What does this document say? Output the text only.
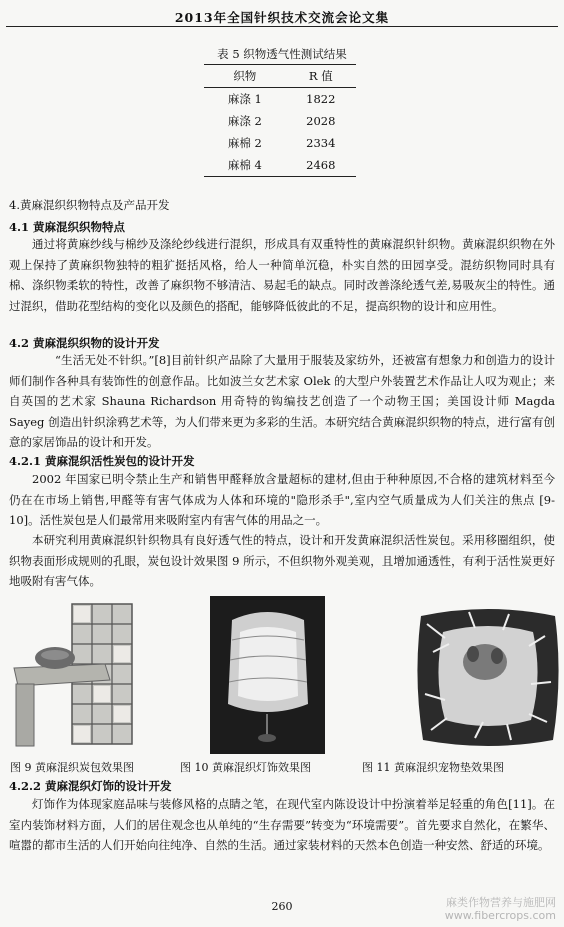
2013年全国针织技术交流会论文集
表 5 织物透气性测试结果
织物	R 值
麻涤 1	1822
麻涤 2	2028
麻棉 2	2334
麻棉 4	2468
4.黄麻混织织物特点及产品开发
4.1 黄麻混织织物特点
通过将黄麻纱线与棉纱及涤纶纱线进行混织，形成具有双重特性的黄麻混织针织物。黄麻混织织物在外观上保持了黄麻织物独特的粗犷挺括风格，给人一种简单沉稳，朴实自然的田园享受。混纺织物同时具有棉、涤织物柔软的特性，改善了麻织物不够清洁、易起毛的缺点。同时改善涤纶透气差,易吸灰尘的特性。通过混织，借助花型结构的变化以及颜色的搭配，能够降低彼此的不足，提高织物的设计和应用性。
4.2 黄麻混织织物的设计开发
“生活无处不针织。”[8]目前针织产品除了大量用于服装及家纺外，还被富有想象力和创造力的设计师们制作各种具有装饰性的创意作品。比如波兰女艺术家 Olek 的大型户外装置艺术作品让人叹为观止；来自英国的艺术家 Shauna Richardson 用奇特的钩编技艺创造了一个动物王国；美国设计师 Magda Sayeg 创造出针织涂鸦艺术等，为人们带来更为多彩的生活。本研究结合黄麻混织织物的特点，进行富有创意的家居饰品的设计和开发。
4.2.1 黄麻混织活性炭包的设计开发
2002 年国家已明令禁止生产和销售甲醛释放含量超标的建材,但由于种种原因,不合格的建筑材料至今仍在在市场上销售,甲醛等有害气体成为人体和环境的"隐形杀手",室内空气质量成为人们关注的焦点 [9-10]。活性炭包是人们最常用来吸附室内有害气体的用品之一。
本研究利用黄麻混织针织物具有良好透气性的特点，设计和开发黄麻混织活性炭包。采用移圈组织，使织物表面形成规则的孔眼，炭包设计效果图 9 所示，不但织物外观美观，且增加通透性，有利于活性炭更好地吸附有害气体。
图 9 黄麻混织炭包效果图	图 10 黄麻混织灯饰效果图	图 11 黄麻混织宠物垫效果图
4.2.2 黄麻混织灯饰的设计开发
灯饰作为体现家庭品味与装修风格的点睛之笔，在现代室内陈设设计中扮演着举足轻重的角色[11]。在室内装饰材料方面，人们的居住观念也从单纯的“生存需要”转变为“环境需要”。首先要求自然化，在繁华、喧嚣的都市生活的人们开始向往纯净、自然的生活。通过家装材料的天然本色创造一种安然、舒适的环境。
260	麻类作物营养与施肥网
www.fibercrops.com
